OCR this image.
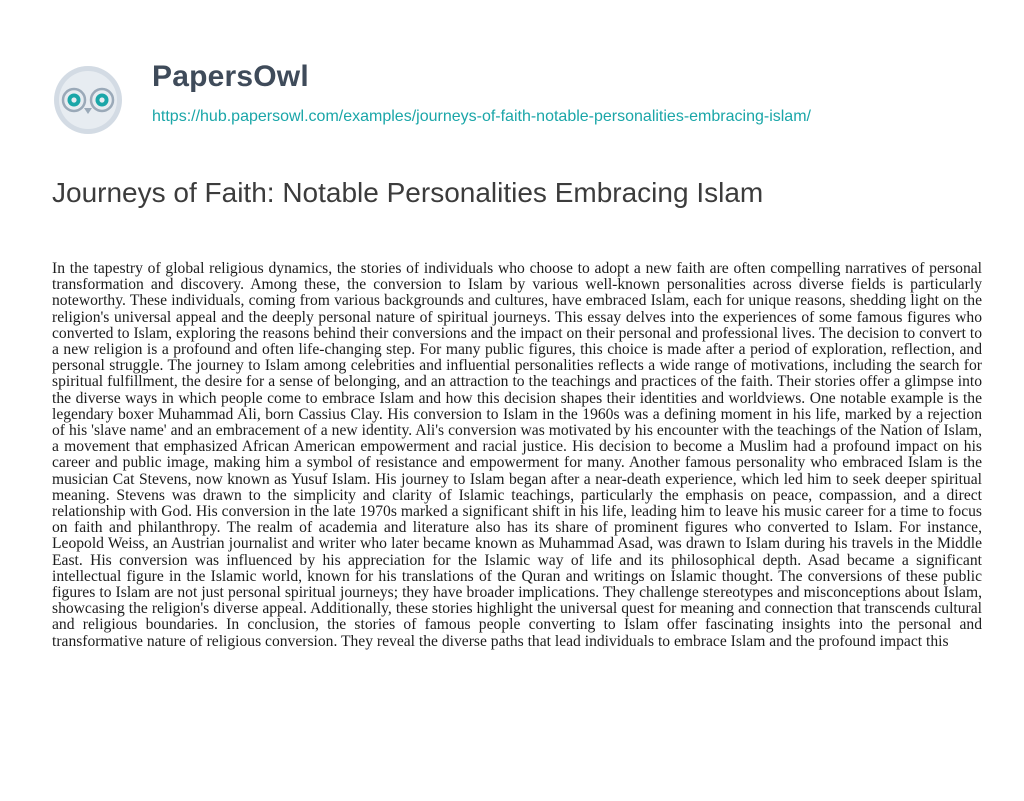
PapersOwl
https://hub.papersowl.com/examples/journeys-of-faith-notable-personalities-embracing-islam/
Journeys of Faith: Notable Personalities Embracing Islam

In the tapestry of global religious dynamics, the stories of individuals who choose to adopt a new faith are often compelling narratives of personal transformation and discovery. Among these, the conversion to Islam by various well-known personalities across diverse fields is particularly noteworthy. These individuals, coming from various backgrounds and cultures, have embraced Islam, each for unique reasons, shedding light on the religion's universal appeal and the deeply personal nature of spiritual journeys. This essay delves into the experiences of some famous figures who converted to Islam, exploring the reasons behind their conversions and the impact on their personal and professional lives. The decision to convert to a new religion is a profound and often life-changing step. For many public figures, this choice is made after a period of exploration, reflection, and personal struggle. The journey to Islam among celebrities and influential personalities reflects a wide range of motivations, including the search for spiritual fulfillment, the desire for a sense of belonging, and an attraction to the teachings and practices of the faith. Their stories offer a glimpse into the diverse ways in which people come to embrace Islam and how this decision shapes their identities and worldviews. One notable example is the legendary boxer Muhammad Ali, born Cassius Clay. His conversion to Islam in the 1960s was a defining moment in his life, marked by a rejection of his 'slave name' and an embracement of a new identity. Ali's conversion was motivated by his encounter with the teachings of the Nation of Islam, a movement that emphasized African American empowerment and racial justice. His decision to become a Muslim had a profound impact on his career and public image, making him a symbol of resistance and empowerment for many. Another famous personality who embraced Islam is the musician Cat Stevens, now known as Yusuf Islam. His journey to Islam began after a near-death experience, which led him to seek deeper spiritual meaning. Stevens was drawn to the simplicity and clarity of Islamic teachings, particularly the emphasis on peace, compassion, and a direct relationship with God. His conversion in the late 1970s marked a significant shift in his life, leading him to leave his music career for a time to focus on faith and philanthropy. The realm of academia and literature also has its share of prominent figures who converted to Islam. For instance, Leopold Weiss, an Austrian journalist and writer who later became known as Muhammad Asad, was drawn to Islam during his travels in the Middle East. His conversion was influenced by his appreciation for the Islamic way of life and its philosophical depth. Asad became a significant intellectual figure in the Islamic world, known for his translations of the Quran and writings on Islamic thought. The conversions of these public figures to Islam are not just personal spiritual journeys; they have broader implications. They challenge stereotypes and misconceptions about Islam, showcasing the religion's diverse appeal. Additionally, these stories highlight the universal quest for meaning and connection that transcends cultural and religious boundaries. In conclusion, the stories of famous people converting to Islam offer fascinating insights into the personal and transformative nature of religious conversion. They reveal the diverse paths that lead individuals to embrace Islam and the profound impact this
